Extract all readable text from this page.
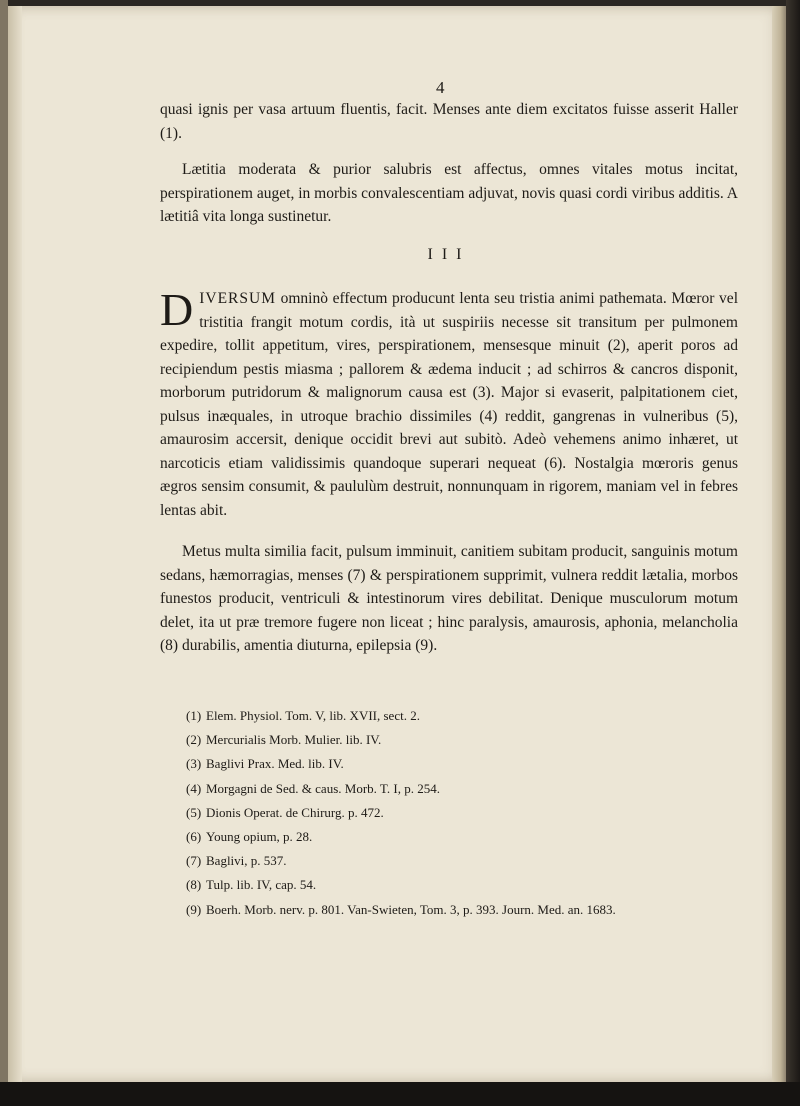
4

quasi ignis per vasa artuum fluentis, facit. Menses ante diem excitatos fuisse asserit Haller (1).

Lætitia moderata & purior salubris est affectus, omnes vitales motus incitat, perspirationem auget, in morbis convalescentiam adjuvat, novis quasi cordi viribus additis. A lætitiâ vita longa sustinetur.

III

DIVERSUM omninò effectum producunt lenta seu tristia animi pathemata. Mœror vel tristitia frangit motum cordis, ità ut suspiriis necesse sit transitum per pulmonem expedire, tollit appetitum, vires, perspirationem, mensesque minuit (2), aperit poros ad recipiendum pestis miasma ; pallorem & ædema inducit ; ad schirros & cancros disponit, morborum putridorum & malignorum causa est (3). Major si evaserit, palpitationem ciet, pulsus inæquales, in utroque brachio dissimiles (4) reddit, gangrenas in vulneribus (5), amaurosim accersit, denique occidit brevi aut subitò. Adeò vehemens animo inhæret, ut narcoticis etiam validissimis quandoque superari nequeat (6). Nostalgia mœroris genus ægros sensim consumit, & paululùm destruit, nonnunquam in rigorem, maniam vel in febres lentas abit.

Metus multa similia facit, pulsum imminuit, canitiem subitam producit, sanguinis motum sedans, hæmorragias, menses (7) & perspirationem supprimit, vulnera reddit lætalia, morbos funestos producit, ventriculi & intestinorum vires debilitat. Denique musculorum motum delet, ita ut præ tremore fugere non liceat ; hinc paralysis, amaurosis, aphonia, melancholia (8) durabilis, amentia diuturna, epilepsia (9).

(1) Elem. Physiol. Tom. V, lib. XVII, sect. 2.
(2) Mercurialis Morb. Mulier. lib. IV.
(3) Baglivi Prax. Med. lib. IV.
(4) Morgagni de Sed. & caus. Morb. T. I, p. 254.
(5) Dionis Operat. de Chirurg. p. 472.
(6) Young opium, p. 28.
(7) Baglivi, p. 537.
(8) Tulp. lib. IV, cap. 54.
(9) Boerh. Morb. nerv. p. 801. Van-Swieten, Tom. 3, p. 393. Journ. Med. an. 1683.
